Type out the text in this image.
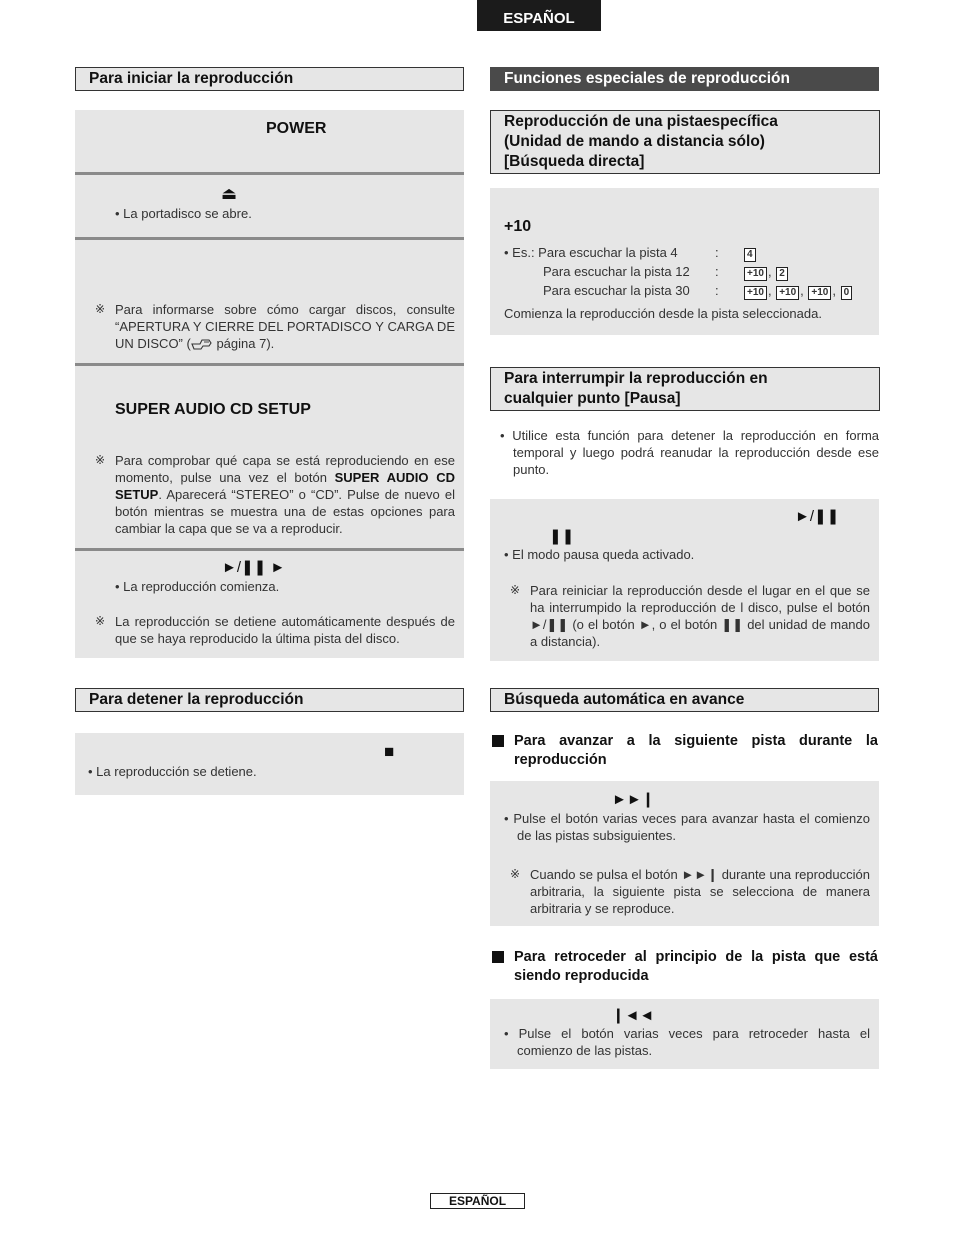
ESPAÑOL
Para iniciar la reproducción
POWER
⏏
• La portadisco se abre.
※ Para informarse sobre cómo cargar discos, consulte “APERTURA Y CIERRE DEL PORTADISCO Y CARGA DE UN DISCO” ( página 7).
SUPER AUDIO CD SETUP
※ Para comprobar qué capa se está reproduciendo en ese momento, pulse una vez el botón SUPER AUDIO CD SETUP. Aparecerá “STEREO” o “CD”. Pulse de nuevo el botón mientras se muestra una de estas opciones para cambiar la capa que se va a reproducir.
►/❚❚ ►
• La reproducción comienza.
※ La reproducción se detiene automáticamente después de que se haya reproducido la última pista del disco.
Para detener la reproducción
■
• La reproducción se detiene.
Funciones especiales de reproducción
Reproducción de una pistaespecífica
(Unidad de mando a distancia sólo)
[Búsqueda directa]
+10
• Es.: Para escuchar la pista 4
Para escuchar la pista 12
Para escuchar la pista 30
:
:
:
4
+10 , 2
+10 , +10 , +10 , 0
Comienza la reproducción desde la pista seleccionada.
Para interrumpir la reproducción en
cualquier punto [Pausa]
• Utilice esta función para detener la reproducción en forma temporal y luego podrá reanudar la reproducción desde ese punto.
►/❚❚
❚❚
• El modo pausa queda activado.
※ Para reiniciar la reproducción desde el lugar en el que se ha interrumpido la reproducción de l disco, pulse el botón ►/❚❚ (o el botón ►, o el botón ❚❚ del unidad de mando a distancia).
Búsqueda automática en avance
Para avanzar a la siguiente pista durante la reproducción
►►❙
• Pulse el botón varias veces para avanzar hasta el comienzo de las pistas subsiguientes.
※ Cuando se pulsa el botón ►►❙ durante una reproducción arbitraria, la siguiente pista se selecciona de manera arbitraria y se reproduce.
Para retroceder al principio de la pista que está siendo reproducida
❙◄◄
• Pulse el botón varias veces para retroceder hasta el comienzo de las pistas.
ESPAÑOL
